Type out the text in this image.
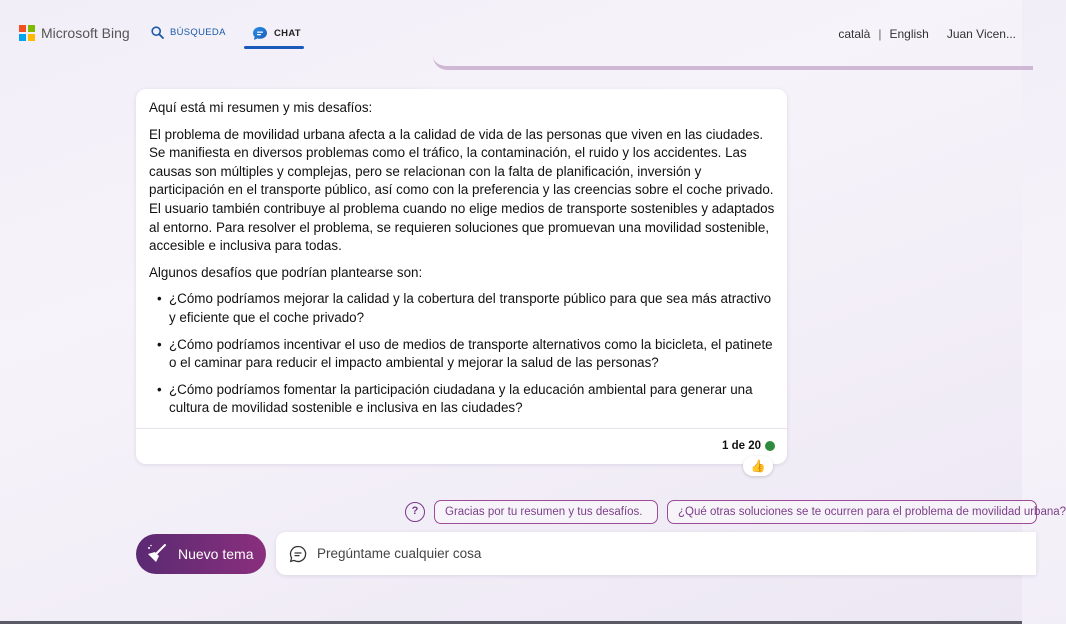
Microsoft Bing	BÚSQUEDA	CHAT	català | English Juan Vicen...

Aquí está mi resumen y mis desafíos:

El problema de movilidad urbana afecta a la calidad de vida de las personas que viven en las ciudades. Se manifiesta en diversos problemas como el tráfico, la contaminación, el ruido y los accidentes. Las causas son múltiples y complejas, pero se relacionan con la falta de planificación, inversión y participación en el transporte público, así como con la preferencia y las creencias sobre el coche privado. El usuario también contribuye al problema cuando no elige medios de transporte sostenibles y adaptados al entorno. Para resolver el problema, se requieren soluciones que promuevan una movilidad sostenible, accesible e inclusiva para todas.

Algunos desafíos que podrían plantearse son:

• ¿Cómo podríamos mejorar la calidad y la cobertura del transporte público para que sea más atractivo y eficiente que el coche privado?
• ¿Cómo podríamos incentivar el uso de medios de transporte alternativos como la bicicleta, el patinete o el caminar para reducir el impacto ambiental y mejorar la salud de las personas?
• ¿Cómo podríamos fomentar la participación ciudadana y la educación ambiental para generar una cultura de movilidad sostenible e inclusiva en las ciudades?
1 de 20
👍
?	Gracias por tu resumen y tus desafíos.	¿Qué otras soluciones se te ocurren para el problema de movilidad urbana?
Nuevo tema	Pregúntame cualquier cosa
